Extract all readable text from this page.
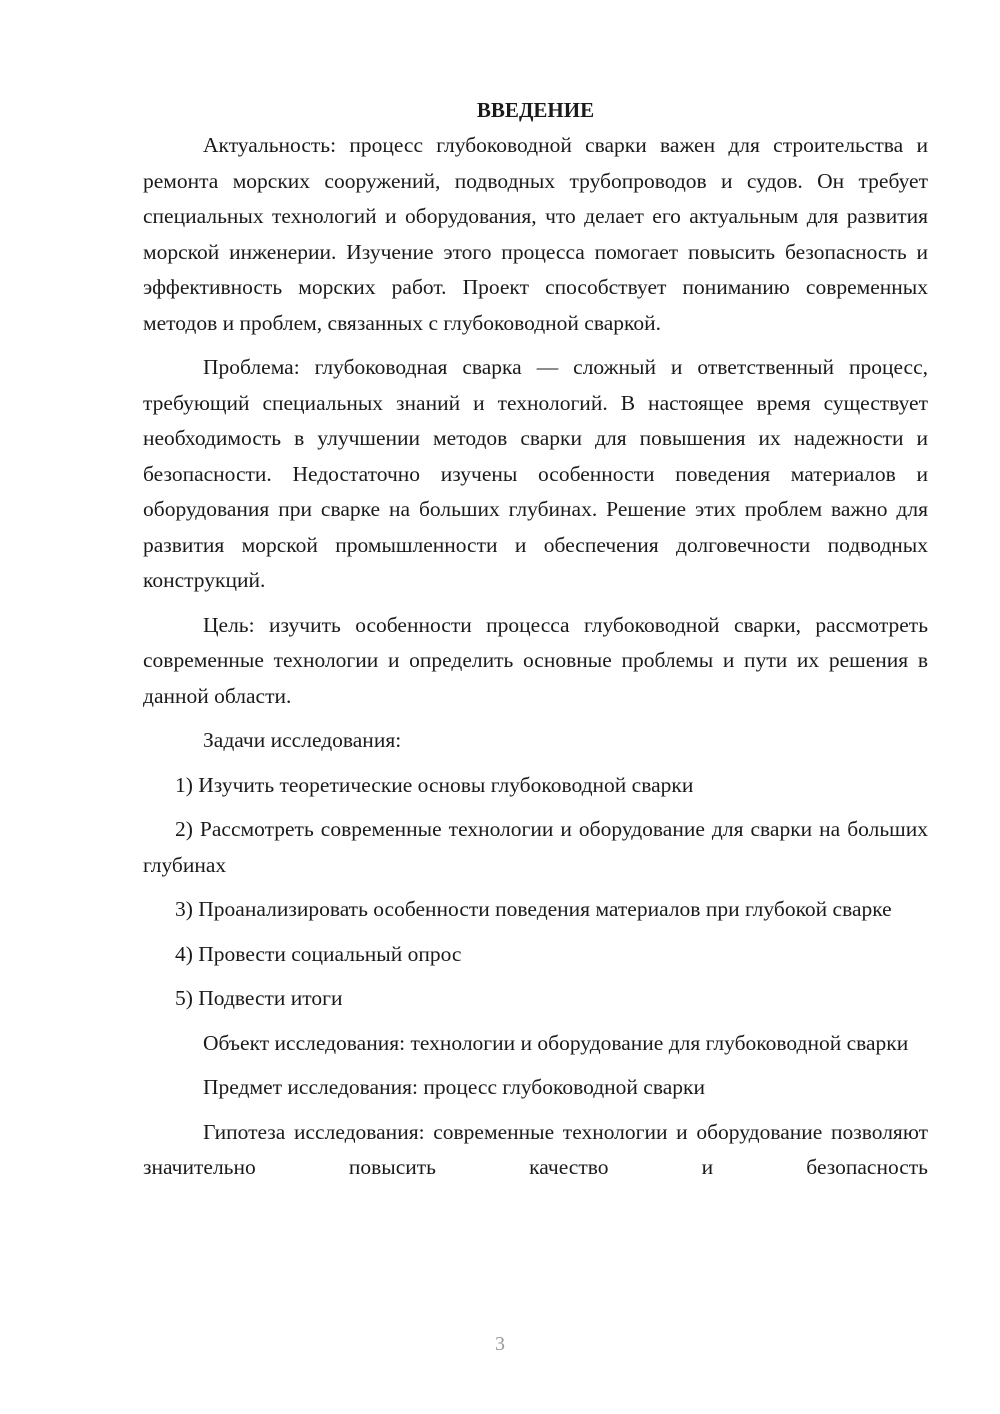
ВВЕДЕНИЕ

Актуальность: процесс глубоководной сварки важен для строительства и ремонта морских сооружений, подводных трубопроводов и судов. Он требует специальных технологий и оборудования, что делает его актуальным для развития морской инженерии. Изучение этого процесса помогает повысить безопасность и эффективность морских работ. Проект способствует пониманию современных методов и проблем, связанных с глубоководной сваркой.

Проблема: глубоководная сварка — сложный и ответственный процесс, требующий специальных знаний и технологий. В настоящее время существует необходимость в улучшении методов сварки для повышения их надежности и безопасности. Недостаточно изучены особенности поведения материалов и оборудования при сварке на больших глубинах. Решение этих проблем важно для развития морской промышленности и обеспечения долговечности подводных конструкций.

Цель: изучить особенности процесса глубоководной сварки, рассмотреть современные технологии и определить основные проблемы и пути их решения в данной области.

Задачи исследования:

1) Изучить теоретические основы глубоководной сварки

2) Рассмотреть современные технологии и оборудование для сварки на больших глубинах

3) Проанализировать особенности поведения материалов при глубокой сварке

4) Провести социальный опрос

5) Подвести итоги

Объект исследования: технологии и оборудование для глубоководной сварки

Предмет исследования: процесс глубоководной сварки

Гипотеза исследования: современные технологии и оборудование позволяют значительно повысить качество и безопасность

3
